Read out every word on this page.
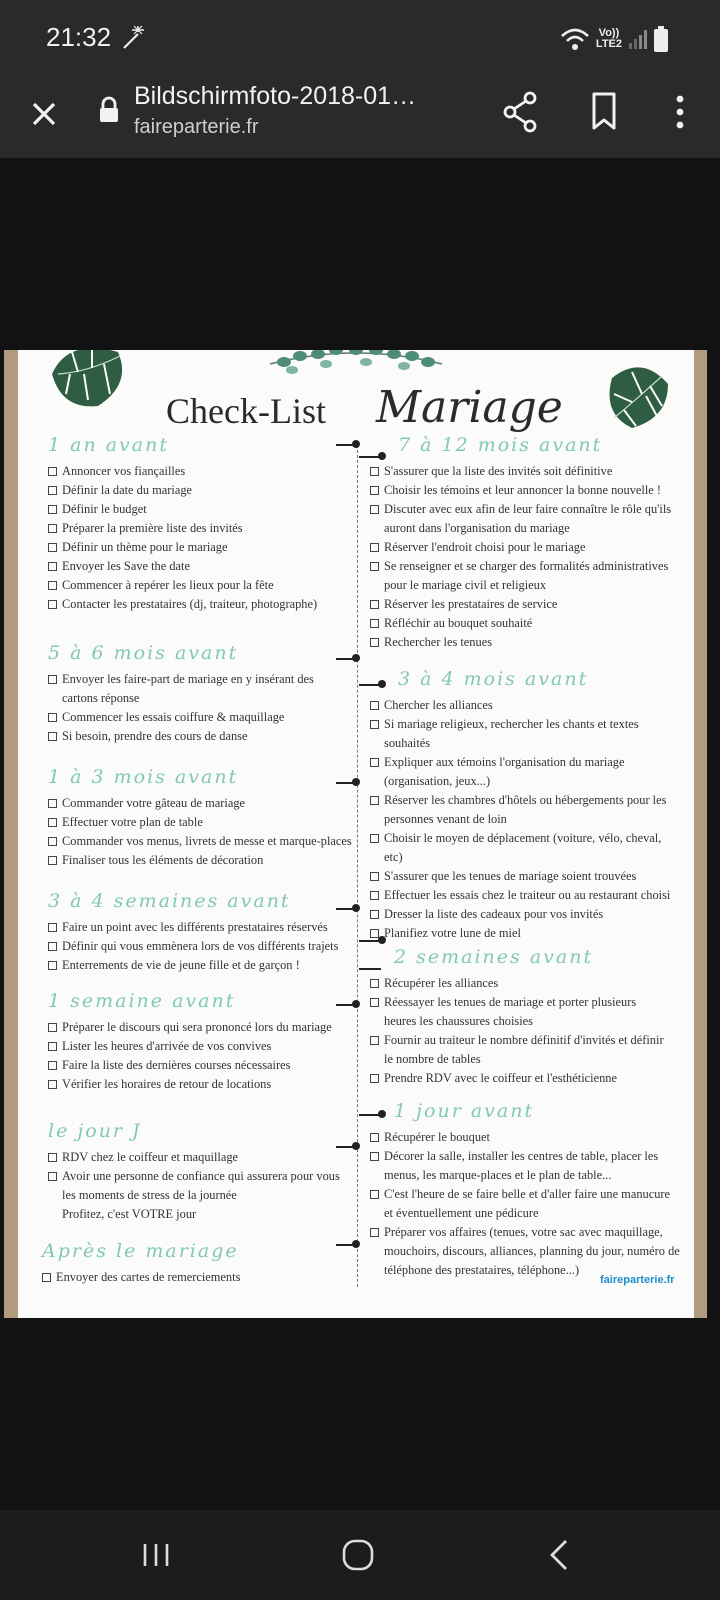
21:32	Vo))
LTE2
Bildschirmfoto-2018-01…
faireparterie.fr
Check-List Mariage
1 an avant
Annoncer vos fiançailles
Définir la date du mariage
Définir le budget
Préparer la première liste des invités
Définir un thème pour le mariage
Envoyer les Save the date
Commencer à repérer les lieux pour la fête
Contacter les prestataires (dj, traiteur, photographe)
5 à 6 mois avant
Envoyer les faire-part de mariage en y insérant des
cartons réponse
Commencer les essais coiffure & maquillage
Si besoin, prendre des cours de danse
1 à 3 mois avant
Commander votre gâteau de mariage
Effectuer votre plan de table
Commander vos menus, livrets de messe et marque-places
Finaliser tous les éléments de décoration
3 à 4 semaines avant
Faire un point avec les différents prestataires réservés
Définir qui vous emmènera lors de vos différents trajets
Enterrements de vie de jeune fille et de garçon !
1 semaine avant
Préparer le discours qui sera prononcé lors du mariage
Lister les heures d'arrivée de vos convives
Faire la liste des dernières courses nécessaires
Vérifier les horaires de retour de locations
le jour J
RDV chez le coiffeur et maquillage
Avoir une personne de confiance qui assurera pour vous
les moments de stress de la journée
Profitez, c'est VOTRE jour
Après le mariage
Envoyer des cartes de remerciements
7 à 12 mois avant
S'assurer que la liste des invités soit définitive
Choisir les témoins et leur annoncer la bonne nouvelle !
Discuter avec eux afin de leur faire connaître le rôle qu'ils
auront dans l'organisation du mariage
Réserver l'endroit choisi pour le mariage
Se renseigner et se charger des formalités administratives
pour le mariage civil et religieux
Réserver les prestataires de service
Réfléchir au bouquet souhaité
Rechercher les tenues
3 à 4 mois avant
Chercher les alliances
Si mariage religieux, rechercher les chants et textes
souhaités
Expliquer aux témoins l'organisation du mariage
(organisation, jeux...)
Réserver les chambres d'hôtels ou hébergements pour les
personnes venant de loin
Choisir le moyen de déplacement (voiture, vélo, cheval,
etc)
S'assurer que les tenues de mariage soient trouvées
Effectuer les essais chez le traiteur ou au restaurant choisi
Dresser la liste des cadeaux pour vos invités
Planifiez votre lune de miel
2 semaines avant
Récupérer les alliances
Réessayer les tenues de mariage et porter plusieurs
heures les chaussures choisies
Fournir au traiteur le nombre définitif d'invités et définir
le nombre de tables
Prendre RDV avec le coiffeur et l'esthéticienne
1 jour avant
Récupérer le bouquet
Décorer la salle, installer les centres de table, placer les
menus, les marque-places et le plan de table...
C'est l'heure de se faire belle et d'aller faire une manucure
et éventuellement une pédicure
Préparer vos affaires (tenues, votre sac avec maquillage,
mouchoirs, discours, alliances, planning du jour, numéro de
téléphone des prestataires, téléphone...)
faireparterie.fr
